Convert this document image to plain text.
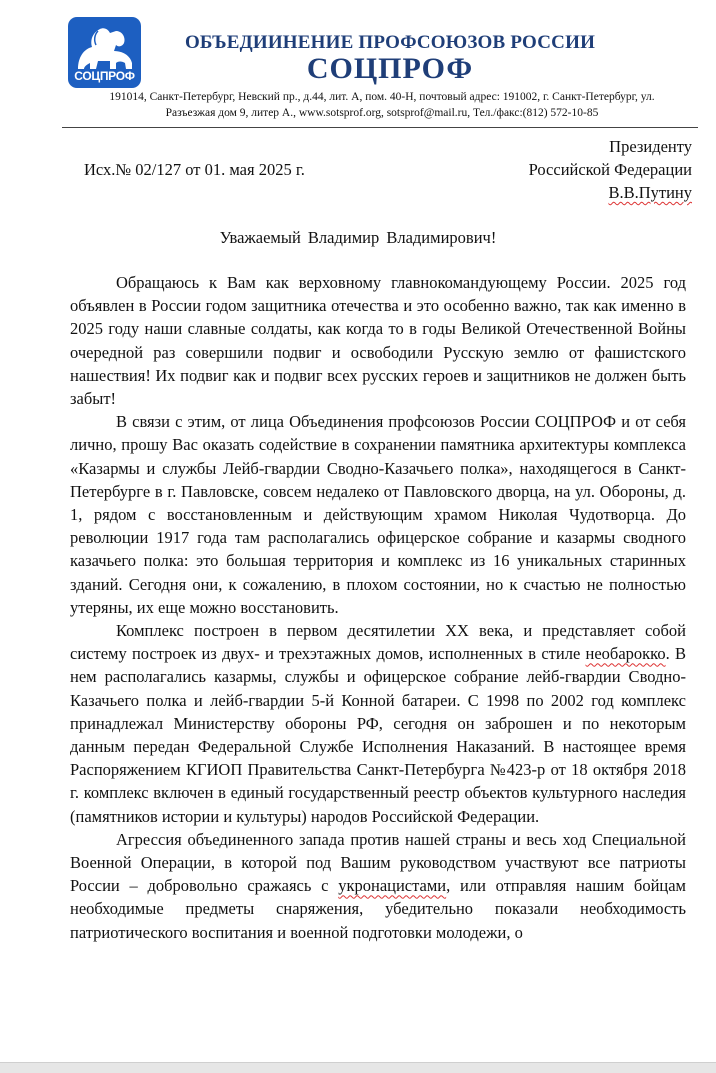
СОЦПРОФ
ОБЪЕДИИНЕНИЕ ПРОФСОЮЗОВ РОССИИ
СОЦПРОФ
191014, Санкт-Петербург, Невский пр., д.44, лит. А, пом. 40-Н, почтовый адрес: 191002, г. Санкт-Петербург, ул.
Разъезжая дом 9, литер А., www.sotsprof.org, sotsprof@mail.ru, Тел./факс:(812) 572-10-85
Исх.№ 02/127 от 01. мая 2025 г.
Президенту
Российской Федерации
В.В.Путину
Уважаемый Владимир Владимирович!

Обращаюсь к Вам как верховному главнокомандующему России. 2025 год объявлен в России годом защитника отечества и это особенно важно, так как именно в 2025 году наши славные солдаты, как когда то в годы Великой Отечественной Войны очередной раз совершили подвиг и освободили Русскую землю от фашистского нашествия! Их подвиг как и подвиг всех русских героев и защитников не должен быть забыт!

В связи с этим, от лица Объединения профсоюзов России СОЦПРОФ и от себя лично, прошу Вас оказать содействие в сохранении памятника архитектуры комплекса «Казармы и службы Лейб-гвардии Сводно-Казачьего полка», находящегося в Санкт-Петербурге в г. Павловске, совсем недалеко от Павловского дворца, на ул. Обороны, д. 1, рядом с восстановленным и действующим храмом Николая Чудотворца. До революции 1917 года там располагались офицерское собрание и казармы сводного казачьего полка: это большая территория и комплекс из 16 уникальных старинных зданий. Сегодня они, к сожалению, в плохом состоянии, но к счастью не полностью утеряны, их еще можно восстановить.

Комплекс построен в первом десятилетии XX века, и представляет собой систему построек из двух- и трехэтажных домов, исполненных в стиле необарокко. В нем располагались казармы, службы и офицерское собрание лейб-гвардии Сводно-Казачьего полка и лейб-гвардии 5-й Конной батареи. С 1998 по 2002 год комплекс принадлежал Министерству обороны РФ, сегодня он заброшен и по некоторым данным передан Федеральной Службе Исполнения Наказаний. В настоящее время Распоряжением КГИОП Правительства Санкт-Петербурга №423-р от 18 октября 2018 г. комплекс включен в единый государственный реестр объектов культурного наследия (памятников истории и культуры) народов Российской Федерации.

Агрессия объединенного запада против нашей страны и весь ход Специальной Военной Операции, в которой под Вашим руководством участвуют все патриоты России – добровольно сражаясь с укронацистами, или отправляя нашим бойцам необходимые предметы снаряжения, убедительно показали необходимость патриотического воспитания и военной подготовки молодежи, о
